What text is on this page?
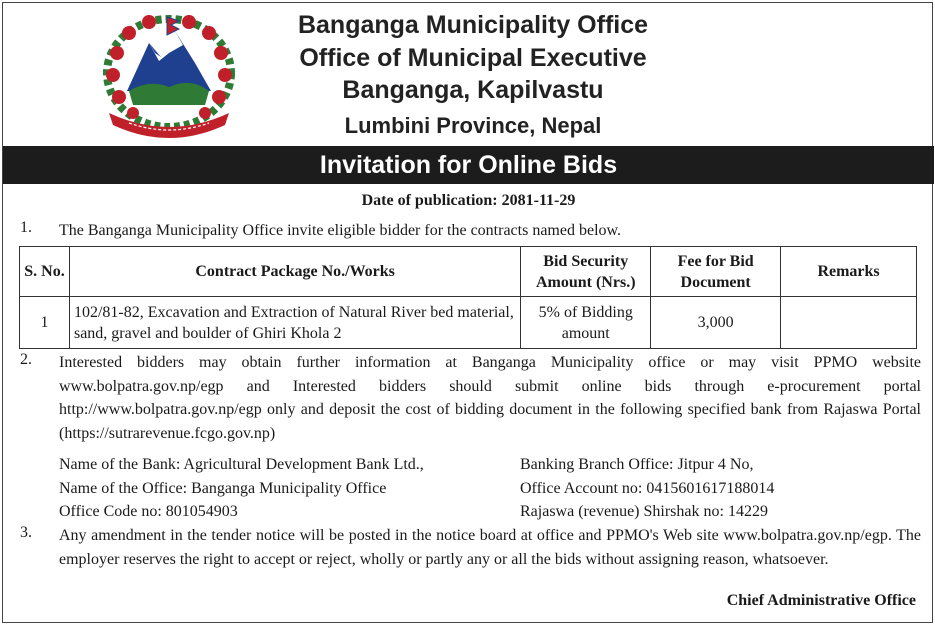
Banganga Municipality Office
Office of Municipal Executive
Banganga, Kapilvastu
Lumbini Province, Nepal
Invitation for Online Bids
Date of publication: 2081-11-29
1. The Banganga Municipality Office invite eligible bidder for the contracts named below.
S. No.	Contract Package No./Works	Bid Security Amount (Nrs.)	Fee for Bid Document	Remarks
1	102/81-82, Excavation and Extraction of Natural River bed material, sand, gravel and boulder of Ghiri Khola 2	5% of Bidding amount	3,000	
2. Interested bidders may obtain further information at Banganga Municipality office or may visit PPMO website www.bolpatra.gov.np/egp and Interested bidders should submit online bids through e-procurement portal http://www.bolpatra.gov.np/egp only and deposit the cost of bidding document in the following specified bank from Rajaswa Portal (https://sutrarevenue.fcgo.gov.np)
Name of the Bank: Agricultural Development Bank Ltd.,
Name of the Office: Banganga Municipality Office
Office Code no: 801054903
Banking Branch Office: Jitpur 4 No,
Office Account no: 0415601617188014
Rajaswa (revenue) Shirshak no: 14229
3. Any amendment in the tender notice will be posted in the notice board at office and PPMO's Web site www.bolpatra.gov.np/egp. The employer reserves the right to accept or reject, wholly or partly any or all the bids without assigning reason, whatsoever.
Chief Administrative Office
